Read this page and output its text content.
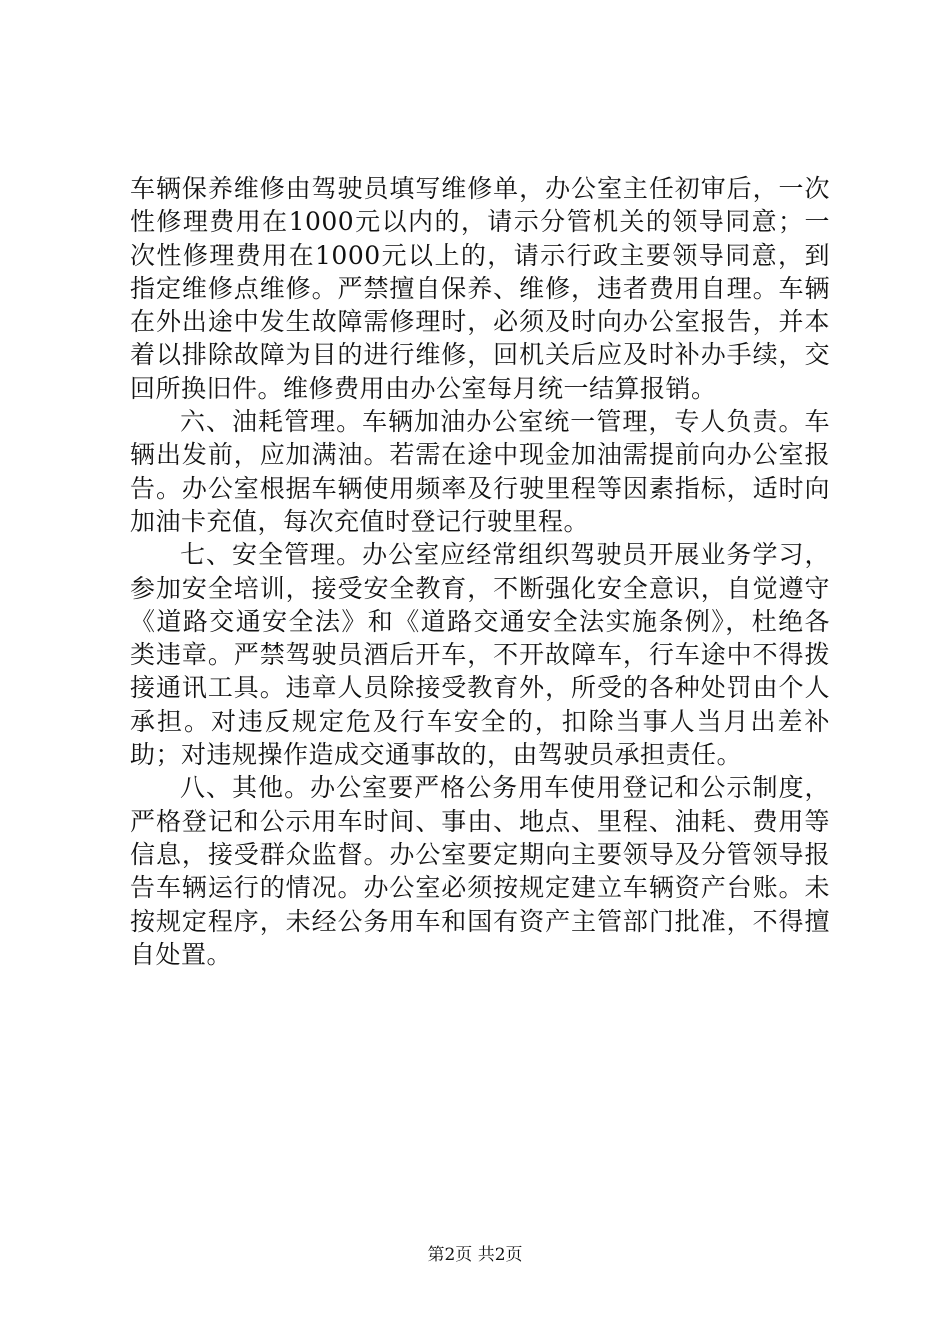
车辆保养维修由驾驶员填写维修单，办公室主任初审后，一次性修理费用在1000元以内的，请示分管机关的领导同意；一次性修理费用在1000元以上的，请示行政主要领导同意，到指定维修点维修。严禁擅自保养、维修，违者费用自理。车辆在外出途中发生故障需修理时，必须及时向办公室报告，并本着以排除故障为目的进行维修，回机关后应及时补办手续，交回所换旧件。维修费用由办公室每月统一结算报销。

六、油耗管理。车辆加油办公室统一管理，专人负责。车辆出发前，应加满油。若需在途中现金加油需提前向办公室报告。办公室根据车辆使用频率及行驶里程等因素指标，适时向加油卡充值，每次充值时登记行驶里程。

七、安全管理。办公室应经常组织驾驶员开展业务学习，参加安全培训，接受安全教育，不断强化安全意识，自觉遵守《道路交通安全法》和《道路交通安全法实施条例》，杜绝各类违章。严禁驾驶员酒后开车，不开故障车，行车途中不得拨接通讯工具。违章人员除接受教育外，所受的各种处罚由个人承担。对违反规定危及行车安全的，扣除当事人当月出差补助；对违规操作造成交通事故的，由驾驶员承担责任。

八、其他。办公室要严格公务用车使用登记和公示制度，严格登记和公示用车时间、事由、地点、里程、油耗、费用等信息，接受群众监督。办公室要定期向主要领导及分管领导报告车辆运行的情况。办公室必须按规定建立车辆资产台账。未按规定程序，未经公务用车和国有资产主管部门批准，不得擅自处置。

第2页 共2页
